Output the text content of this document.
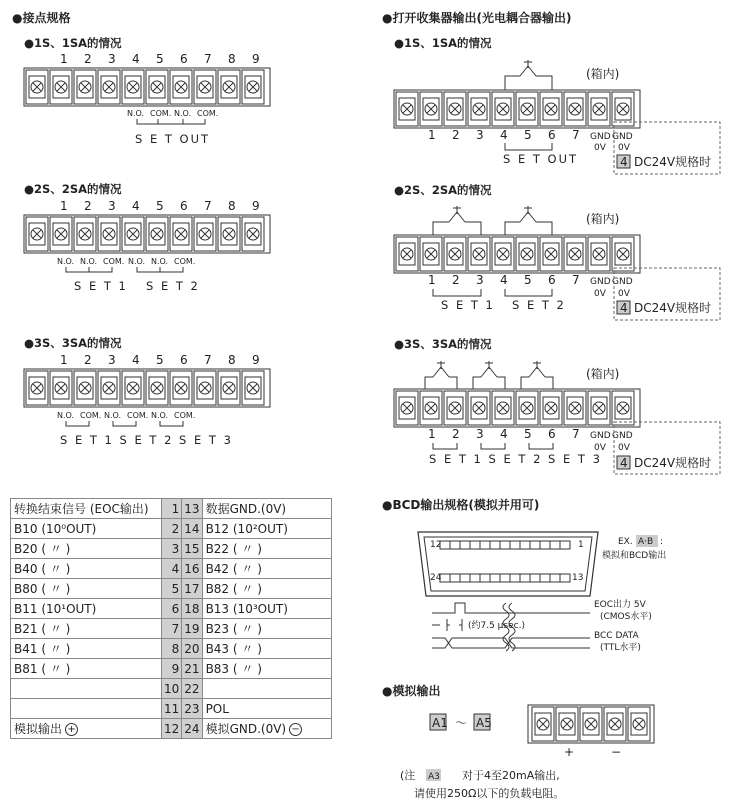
●接点规格
●1S、1SA的情况
1 2 3 4 5 6 7 8 9
N.O. COM. N.O. COM.
S E T OUT
●2S、2SA的情况
1 2 3 4 5 6 7 8 9
N.O. N.O. COM. N.O. N.O. COM.
S E T 1 S E T 2
●3S、3SA的情况
1 2 3 4 5 6 7 8 9
N.O. COM. N.O. COM. N.O. COM.
S E T 1 S E T 2 S E T 3
●打开收集器输出(光电耦合器输出)
●1S、1SA的情况
(箱内)
1 2 3 4 5 6 7 GND GND
0V 0V
S E T OUT	4 DC24V规格时
●2S、2SA的情况
(箱内)
1 2 3 4 5 6 7 GND GND
0V 0V
S E T 1 S E T 2	4 DC24V规格时
●3S、3SA的情况
(箱内)
1 2 3 4 5 6 7 GND GND
0V 0V
S E T 1 S E T 2 S E T 3 4 DC24V规格时
●BCD输出规格(模拟并用可)
12	1
24	13
EX. A·B :
模拟和BCD输出
EOC出力 5V
(CMOS水平)
(约7.5 μsec.)
BCC DATA
(TTL水平)
●模拟输出
A1 ～ A5
+	−
(注 A3 对于4至20mA输出,
请使用250Ω以下的负载电阻。
转换结束信号 (EOC输出)	1	13	数据GND.(0V)
B10 (10⁰OUT)	2	14	B12 (10²OUT)
B20 ( 〃 )	3	15	B22 ( 〃 )
B40 ( 〃 )	4	16	B42 ( 〃 )
B80 ( 〃 )	5	17	B82 ( 〃 )
B11 (10¹OUT)	6	18	B13 (10³OUT)
B21 ( 〃 )	7	19	B23 ( 〃 )
B41 ( 〃 )	8	20	B43 ( 〃 )
B81 ( 〃 )	9	21	B83 ( 〃 )
	10	22	
	11	23	POL
模拟输出 +	12	24	模拟GND.(0V) −
